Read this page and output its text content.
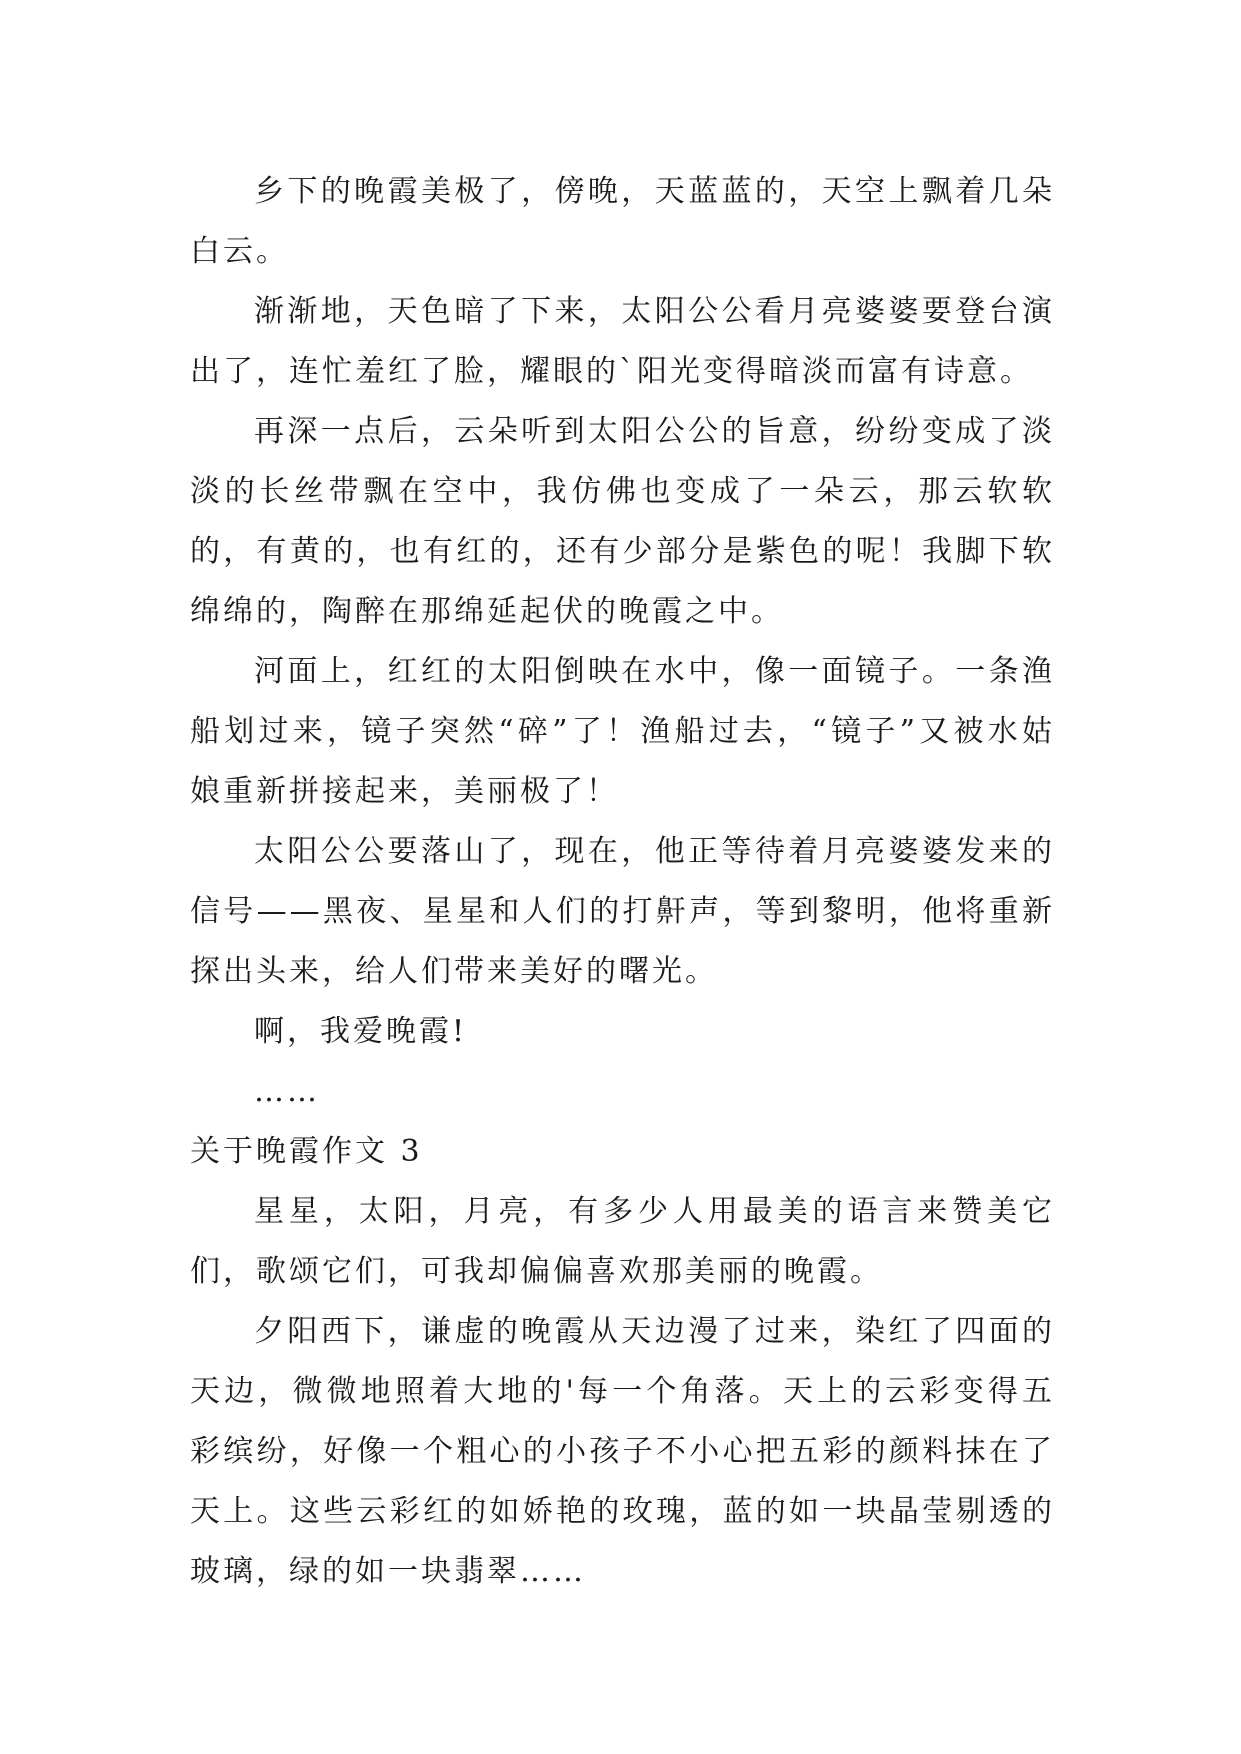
乡下的晚霞美极了，傍晚，天蓝蓝的，天空上飘着几朵白云。

渐渐地，天色暗了下来，太阳公公看月亮婆婆要登台演出了，连忙羞红了脸，耀眼的`阳光变得暗淡而富有诗意。

再深一点后，云朵听到太阳公公的旨意，纷纷变成了淡淡的长丝带飘在空中，我仿佛也变成了一朵云，那云软软的，有黄的，也有红的，还有少部分是紫色的呢！我脚下软绵绵的，陶醉在那绵延起伏的晚霞之中。

河面上，红红的太阳倒映在水中，像一面镜子。一条渔船划过来，镜子突然“碎”了！渔船过去，“镜子”又被水姑娘重新拼接起来，美丽极了！

太阳公公要落山了，现在，他正等待着月亮婆婆发来的信号——黑夜、星星和人们的打鼾声，等到黎明，他将重新探出头来，给人们带来美好的曙光。

啊，我爱晚霞!

……

关于晚霞作文 3

星星，太阳，月亮，有多少人用最美的语言来赞美它们，歌颂它们，可我却偏偏喜欢那美丽的晚霞。

夕阳西下，谦虚的晚霞从天边漫了过来，染红了四面的天边，微微地照着大地的'每一个角落。天上的云彩变得五彩缤纷，好像一个粗心的小孩子不小心把五彩的颜料抹在了天上。这些云彩红的如娇艳的玫瑰，蓝的如一块晶莹剔透的玻璃，绿的如一块翡翠……
